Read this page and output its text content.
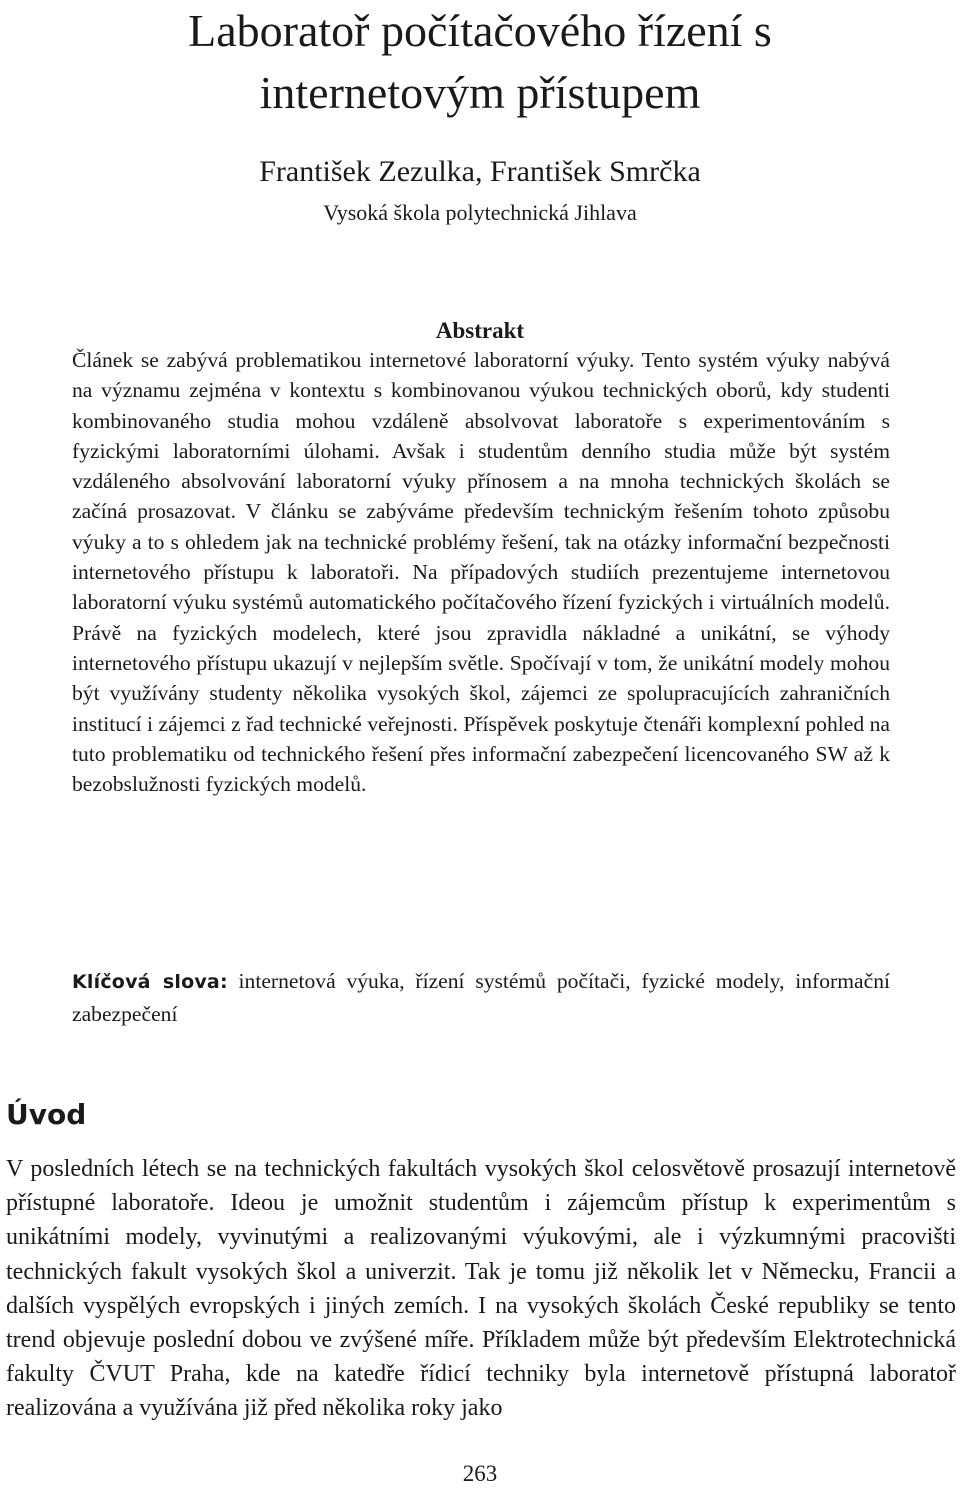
Laboratoř počítačového řízení s internetovým přístupem
František Zezulka, František Smrčka
Vysoká škola polytechnická Jihlava
Abstrakt

Článek se zabývá problematikou internetové laboratorní výuky. Tento systém výuky nabývá na významu zejména v kontextu s kombinovanou výukou technických oborů, kdy studenti kombinovaného studia mohou vzdáleně absolvovat laboratoře s experimentováním s fyzickými laboratorními úlohami. Avšak i studentům denního studia může být systém vzdáleného absolvování laboratorní výuky přínosem a na mnoha technických školách se začíná prosazovat. V článku se zabýváme především technickým řešením tohoto způsobu výuky a to s ohledem jak na technické problémy řešení, tak na otázky informační bezpečnosti internetového přístupu k laboratoři. Na případových studiích prezentujeme internetovou laboratorní výuku systémů automatického počítačového řízení fyzických i virtuálních modelů. Právě na fyzických modelech, které jsou zpravidla nákladné a unikátní, se výhody internetového přístupu ukazují v nejlepším světle. Spočívají v tom, že unikátní modely mohou být využívány studenty několika vysokých škol, zájemci ze spolupracujících zahraničních institucí i zájemci z řad technické veřejnosti. Příspěvek poskytuje čtenáři komplexní pohled na tuto problematiku od technického řešení přes informační zabezpečení licencovaného SW až k bezobslužnosti fyzických modelů.

Klíčová slova: internetová výuka, řízení systémů počítači, fyzické modely, informační zabezpečení

Úvod

V posledních létech se na technických fakultách vysokých škol celosvětově prosazují internetově přístupné laboratoře. Ideou je umožnit studentům i zájemcům přístup k experimentům s unikátními modely, vyvinutými a realizovanými výukovými, ale i výzkumnými pracovišti technických fakult vysokých škol a univerzit. Tak je tomu již několik let v Německu, Francii a dalších vyspělých evropských i jiných zemích. I na vysokých školách České republiky se tento trend objevuje poslední dobou ve zvýšené míře. Příkladem může být především Elektrotechnická fakulty ČVUT Praha, kde na katedře řídicí techniky byla internetově přístupná laboratoř realizována a využívána již před několika roky jako

263
